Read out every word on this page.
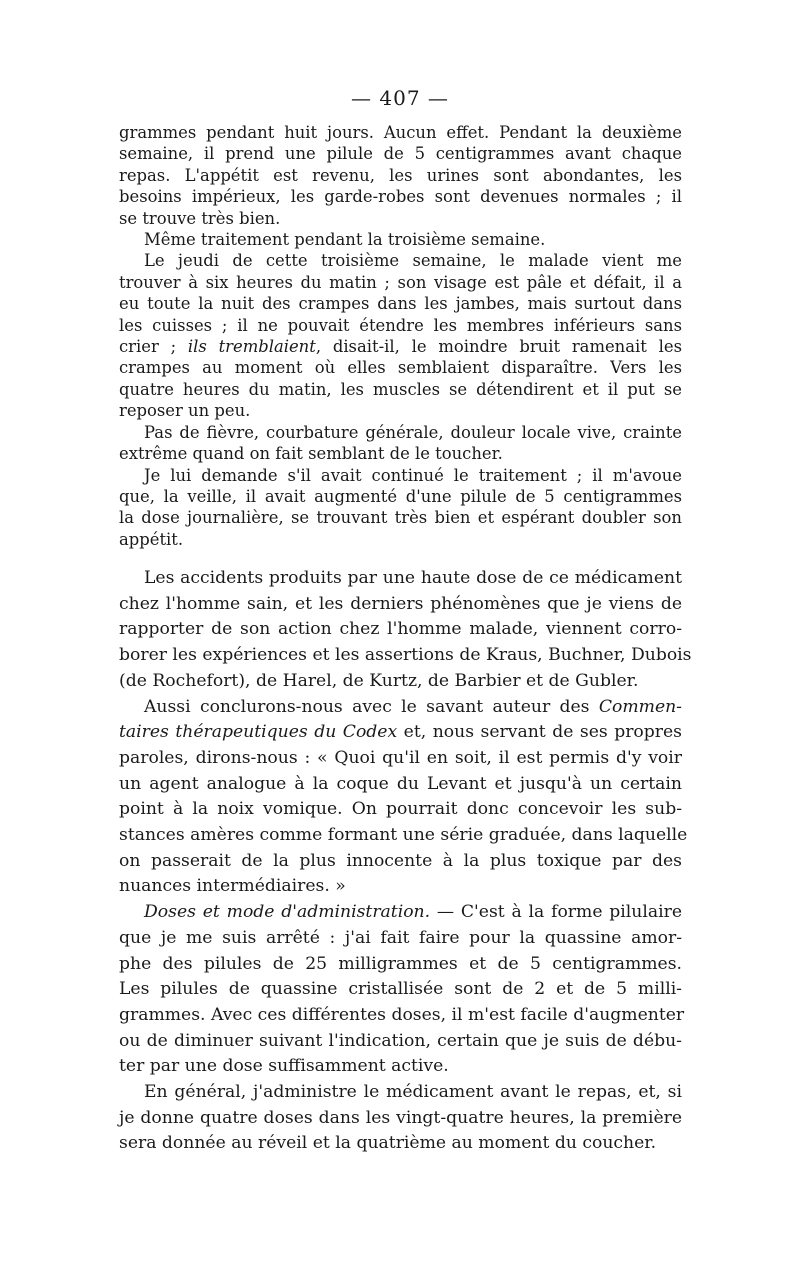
— 407 —
grammes pendant huit jours. Aucun effet. Pendant la deuxième
semaine, il prend une pilule de 5 centigrammes avant chaque
repas. L'appétit est revenu, les urines sont abondantes, les
besoins impérieux, les garde-robes sont devenues normales ; il
se trouve très bien.
Même traitement pendant la troisième semaine.
Le jeudi de cette troisième semaine, le malade vient me
trouver à six heures du matin ; son visage est pâle et défait, il a
eu toute la nuit des crampes dans les jambes, mais surtout dans
les cuisses ; il ne pouvait étendre les membres inférieurs sans
crier ; ils tremblaient, disait-il, le moindre bruit ramenait les
crampes au moment où elles semblaient disparaître. Vers les
quatre heures du matin, les muscles se détendirent et il put se
reposer un peu.
Pas de fièvre, courbature générale, douleur locale vive, crainte
extrême quand on fait semblant de le toucher.
Je lui demande s'il avait continué le traitement ; il m'avoue
que, la veille, il avait augmenté d'une pilule de 5 centigrammes
la dose journalière, se trouvant très bien et espérant doubler son
appétit.
Les accidents produits par une haute dose de ce médicament
chez l'homme sain, et les derniers phénomènes que je viens de
rapporter de son action chez l'homme malade, viennent corro-
borer les expériences et les assertions de Kraus, Buchner, Dubois
(de Rochefort), de Harel, de Kurtz, de Barbier et de Gubler.
Aussi conclurons-nous avec le savant auteur des Commen-
taires thérapeutiques du Codex et, nous servant de ses propres
paroles, dirons-nous : « Quoi qu'il en soit, il est permis d'y voir
un agent analogue à la coque du Levant et jusqu'à un certain
point à la noix vomique. On pourrait donc concevoir les sub-
stances amères comme formant une série graduée, dans laquelle
on passerait de la plus innocente à la plus toxique par des
nuances intermédiaires. »
Doses et mode d'administration. — C'est à la forme pilulaire
que je me suis arrêté : j'ai fait faire pour la quassine amor-
phe des pilules de 25 milligrammes et de 5 centigrammes.
Les pilules de quassine cristallisée sont de 2 et de 5 milli-
grammes. Avec ces différentes doses, il m'est facile d'augmenter
ou de diminuer suivant l'indication, certain que je suis de débu-
ter par une dose suffisamment active.
En général, j'administre le médicament avant le repas, et, si
je donne quatre doses dans les vingt-quatre heures, la première
sera donnée au réveil et la quatrième au moment du coucher.
